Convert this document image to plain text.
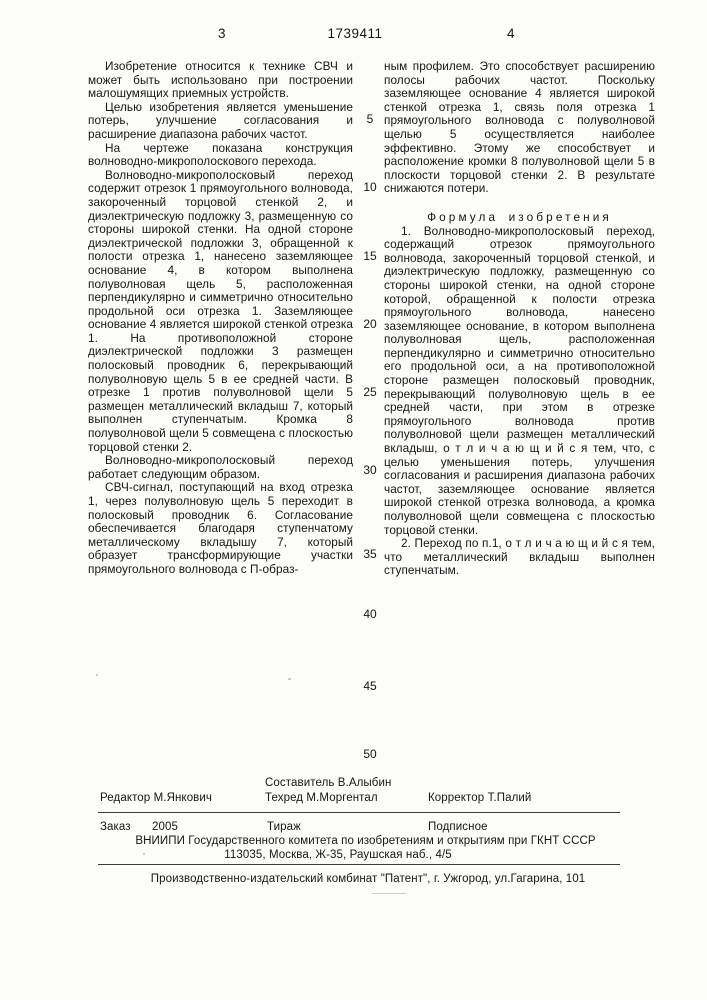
3	1739411	4

Изобретение относится к технике СВЧ и может быть использовано при построении малошумящих приемных устройств.

Целью изобретения является уменьшение потерь, улучшение согласования и расширение диапазона рабочих частот.

На чертеже показана конструкция волноводно-микрополоскового перехода.

Волноводно-микрополосковый переход содержит отрезок 1 прямоугольного волновода, закороченный торцовой стенкой 2, и диэлектрическую подложку 3, размещенную со стороны широкой стенки. На одной стороне диэлектрической подложки 3, обращенной к полости отрезка 1, нанесено заземляющее основание 4, в котором выполнена полуволновая щель 5, расположенная перпендикулярно и симметрично относительно продольной оси отрезка 1. Заземляющее основание 4 является широкой стенкой отрезка 1. На противоположной стороне диэлектрической подложки 3 размещен полосковый проводник 6, перекрывающий полуволновую щель 5 в ее средней части. В отрезке 1 против полуволновой щели 5 размещен металлический вкладыш 7, который выполнен ступенчатым. Кромка 8 полуволновой щели 5 совмещена с плоскостью торцовой стенки 2.

Волноводно-микрополосковый переход работает следующим образом.

СВЧ-сигнал, поступающий на вход отрезка 1, через полуволновую щель 5 переходит в полосковый проводник 6. Согласование обеспечивается благодаря ступенчатому металлическому вкладышу 7, который образует трансформирующие участки прямоугольного волновода с П-образ-

5
10
15
20
25
30
35
40
45
50

ным профилем. Это способствует расширению полосы рабочих частот. Поскольку заземляющее основание 4 является широкой стенкой отрезка 1, связь поля отрезка 1 прямоугольного волновода с полуволновой щелью 5 осуществляется наиболее эффективно. Этому же способствует и расположение кромки 8 полуволновой щели 5 в плоскости торцовой стенки 2. В результате снижаются потери.

Формула изобретения

1. Волноводно-микрополосковый переход, содержащий отрезок прямоугольного волновода, закороченный торцовой стенкой, и диэлектрическую подложку, размещенную со стороны широкой стенки, на одной стороне которой, обращенной к полости отрезка прямоугольного волновода, нанесено заземляющее основание, в котором выполнена полуволновая щель, расположенная перпендикулярно и симметрично относительно его продольной оси, а на противоположной стороне размещен полосковый проводник, перекрывающий полуволновую щель в ее средней части, при этом в отрезке прямоугольного волновода против полуволновой щели размещен металлический вкладыш, о т л и ч а ю щ и й с я тем, что, с целью уменьшения потерь, улучшения согласования и расширения диапазона рабочих частот, заземляющее основание является широкой стенкой отрезка волновода, а кромка полуволновой щели совмещена с плоскостью торцовой стенки.

2. Переход по п.1, о т л и ч а ю щ и й с я тем, что металлический вкладыш выполнен ступенчатым.

Составитель В.Алыбин
Редактор М.Янкович	Техред М.Моргентал	Корректор Т.Палий
Заказ 2005	Тираж	Подписное
ВНИИПИ Государственного комитета по изобретениям и открытиям при ГКНТ СССР
113035, Москва, Ж-35, Раушская наб., 4/5
Производственно-издательский комбинат "Патент", г. Ужгород, ул.Гагарина, 101
